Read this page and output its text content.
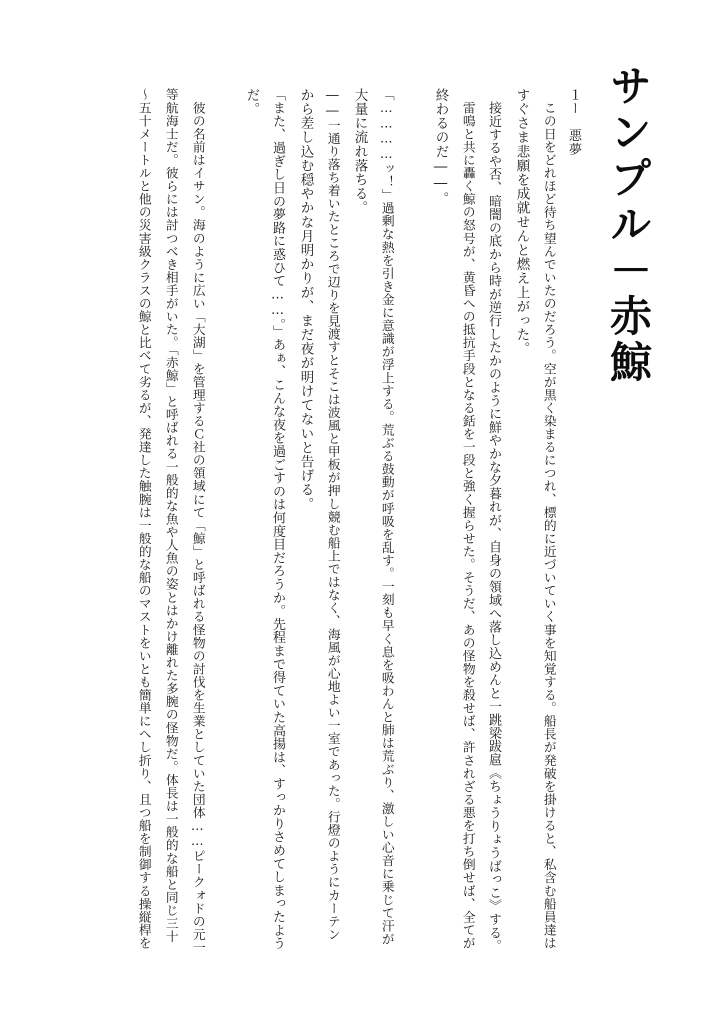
サンプル－赤鯨
１ー　悪夢
　この日をどれほど待ち望んでいたのだろう。空が黒く染まるにつれ、標的に近づいていく事を知覚する。船長が発破を掛けると、私含む船員達は
すぐさま悲願を成就せんと燃え上がった。
　接近するや否、暗闇の底から時が逆行したかのように鮮やかな夕暮れが、自身の領域へ落し込めんと一跳梁跋扈《ちょうりょうばっこ》する。
　雷鳴と共に轟く鯨の怒号が、黄昏への抵抗手段となる銛を一段と強く握らせた。そうだ、あの怪物を殺せば、許されざる悪を打ち倒せば、全てが
終わるのだ――。
「…………ッ！」過剰な熱を引き金に意識が浮上する。荒ぶる鼓動が呼吸を乱す。一刻も早く息を吸わんと肺は荒ぶり、激しい心音に乗じて汗が
大量に流れ落ちる。
――一通り落ち着いたところで辺りを見渡すとそこは波風と甲板が押し競む船上ではなく、海風が心地よい一室であった。行燈のようにカーテン
から差し込む穏やかな月明かりが、まだ夜が明けてないと告げる。
「また、過ぎし日の夢路に惑ひて……。」あぁ、こんな夜を過ごすのは何度目だろうか。先程まで得ていた高揚は、すっかりさめてしまったよう
だ。
　彼の名前はイサン。海のように広い「大湖」を管理するＣ社の領域にて「鯨」と呼ばれる怪物の討伐を生業としていた団体……ピークォドの元一
等航海士だ。彼らには討つべき相手がいた。「赤鯨」と呼ばれる一般的な魚や人魚の姿とはかけ離れた多腕の怪物だ。体長は一般的な船と同じ三十
～五十メートルと他の災害級クラスの鯨と比べて劣るが、発達した触腕は一般的な船のマストをいとも簡単にへし折り、且つ船を制御する操縦桿を
